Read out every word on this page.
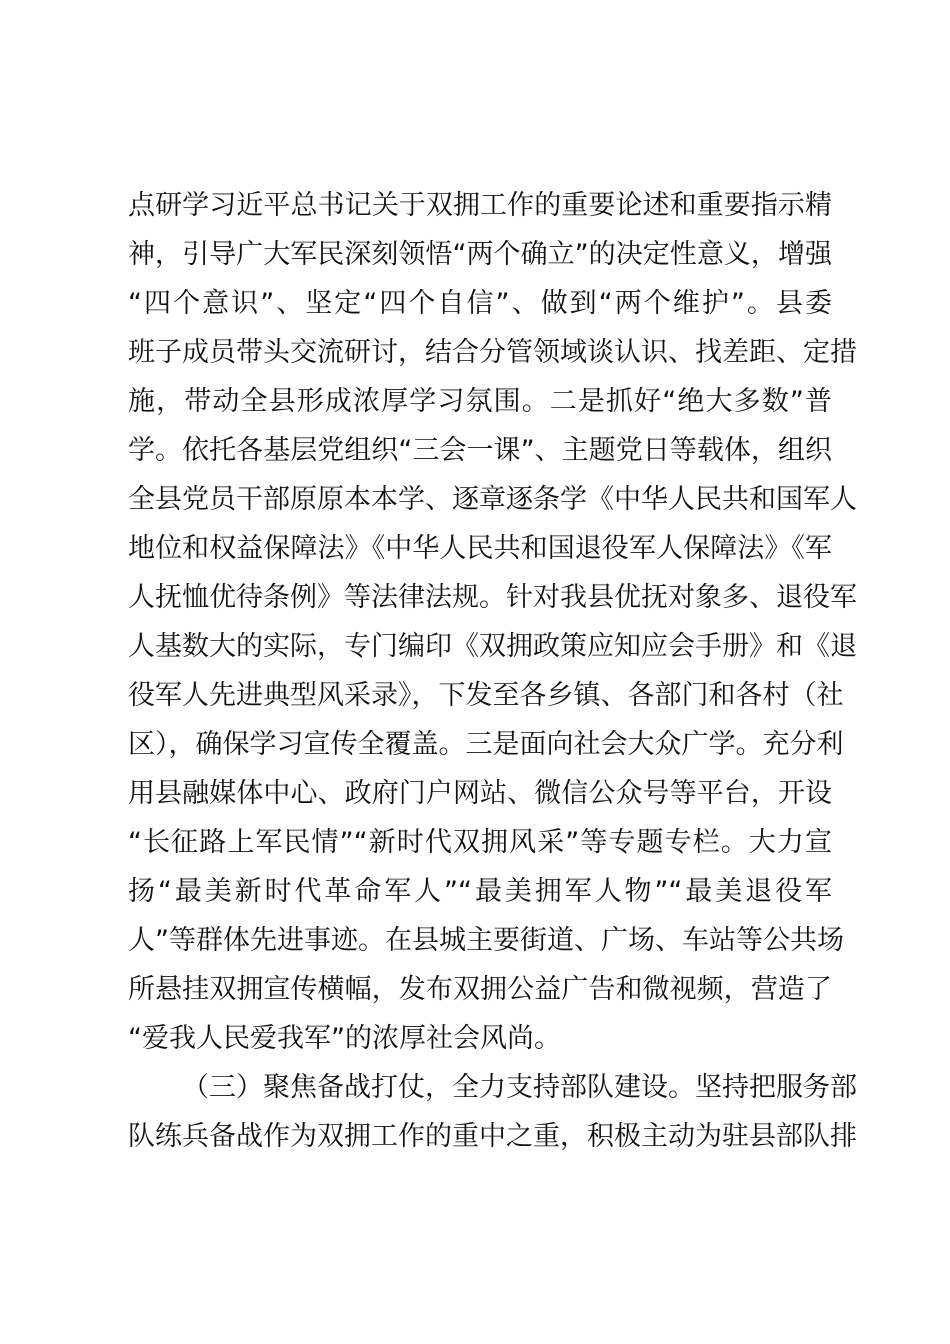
点研学习近平总书记关于双拥工作的重要论述和重要指示精
神，引导广大军民深刻领悟“两个确立”的决定性意义，增强
“四个意识”、坚定“四个自信”、做到“两个维护”。县委
班子成员带头交流研讨，结合分管领域谈认识、找差距、定措
施，带动全县形成浓厚学习氛围。二是抓好“绝大多数”普
学。依托各基层党组织“三会一课”、主题党日等载体，组织
全县党员干部原原本本学、逐章逐条学《中华人民共和国军人
地位和权益保障法》《中华人民共和国退役军人保障法》《军
人抚恤优待条例》等法律法规。针对我县优抚对象多、退役军
人基数大的实际，专门编印《双拥政策应知应会手册》和《退
役军人先进典型风采录》，下发至各乡镇、各部门和各村（社
区），确保学习宣传全覆盖。三是面向社会大众广学。充分利
用县融媒体中心、政府门户网站、微信公众号等平台，开设
“长征路上军民情”“新时代双拥风采”等专题专栏。大力宣
扬“最美新时代革命军人”“最美拥军人物”“最美退役军
人”等群体先进事迹。在县城主要街道、广场、车站等公共场
所悬挂双拥宣传横幅，发布双拥公益广告和微视频，营造了
“爱我人民爱我军”的浓厚社会风尚。
（三）聚焦备战打仗，全力支持部队建设。坚持把服务部
队练兵备战作为双拥工作的重中之重，积极主动为驻县部队排
